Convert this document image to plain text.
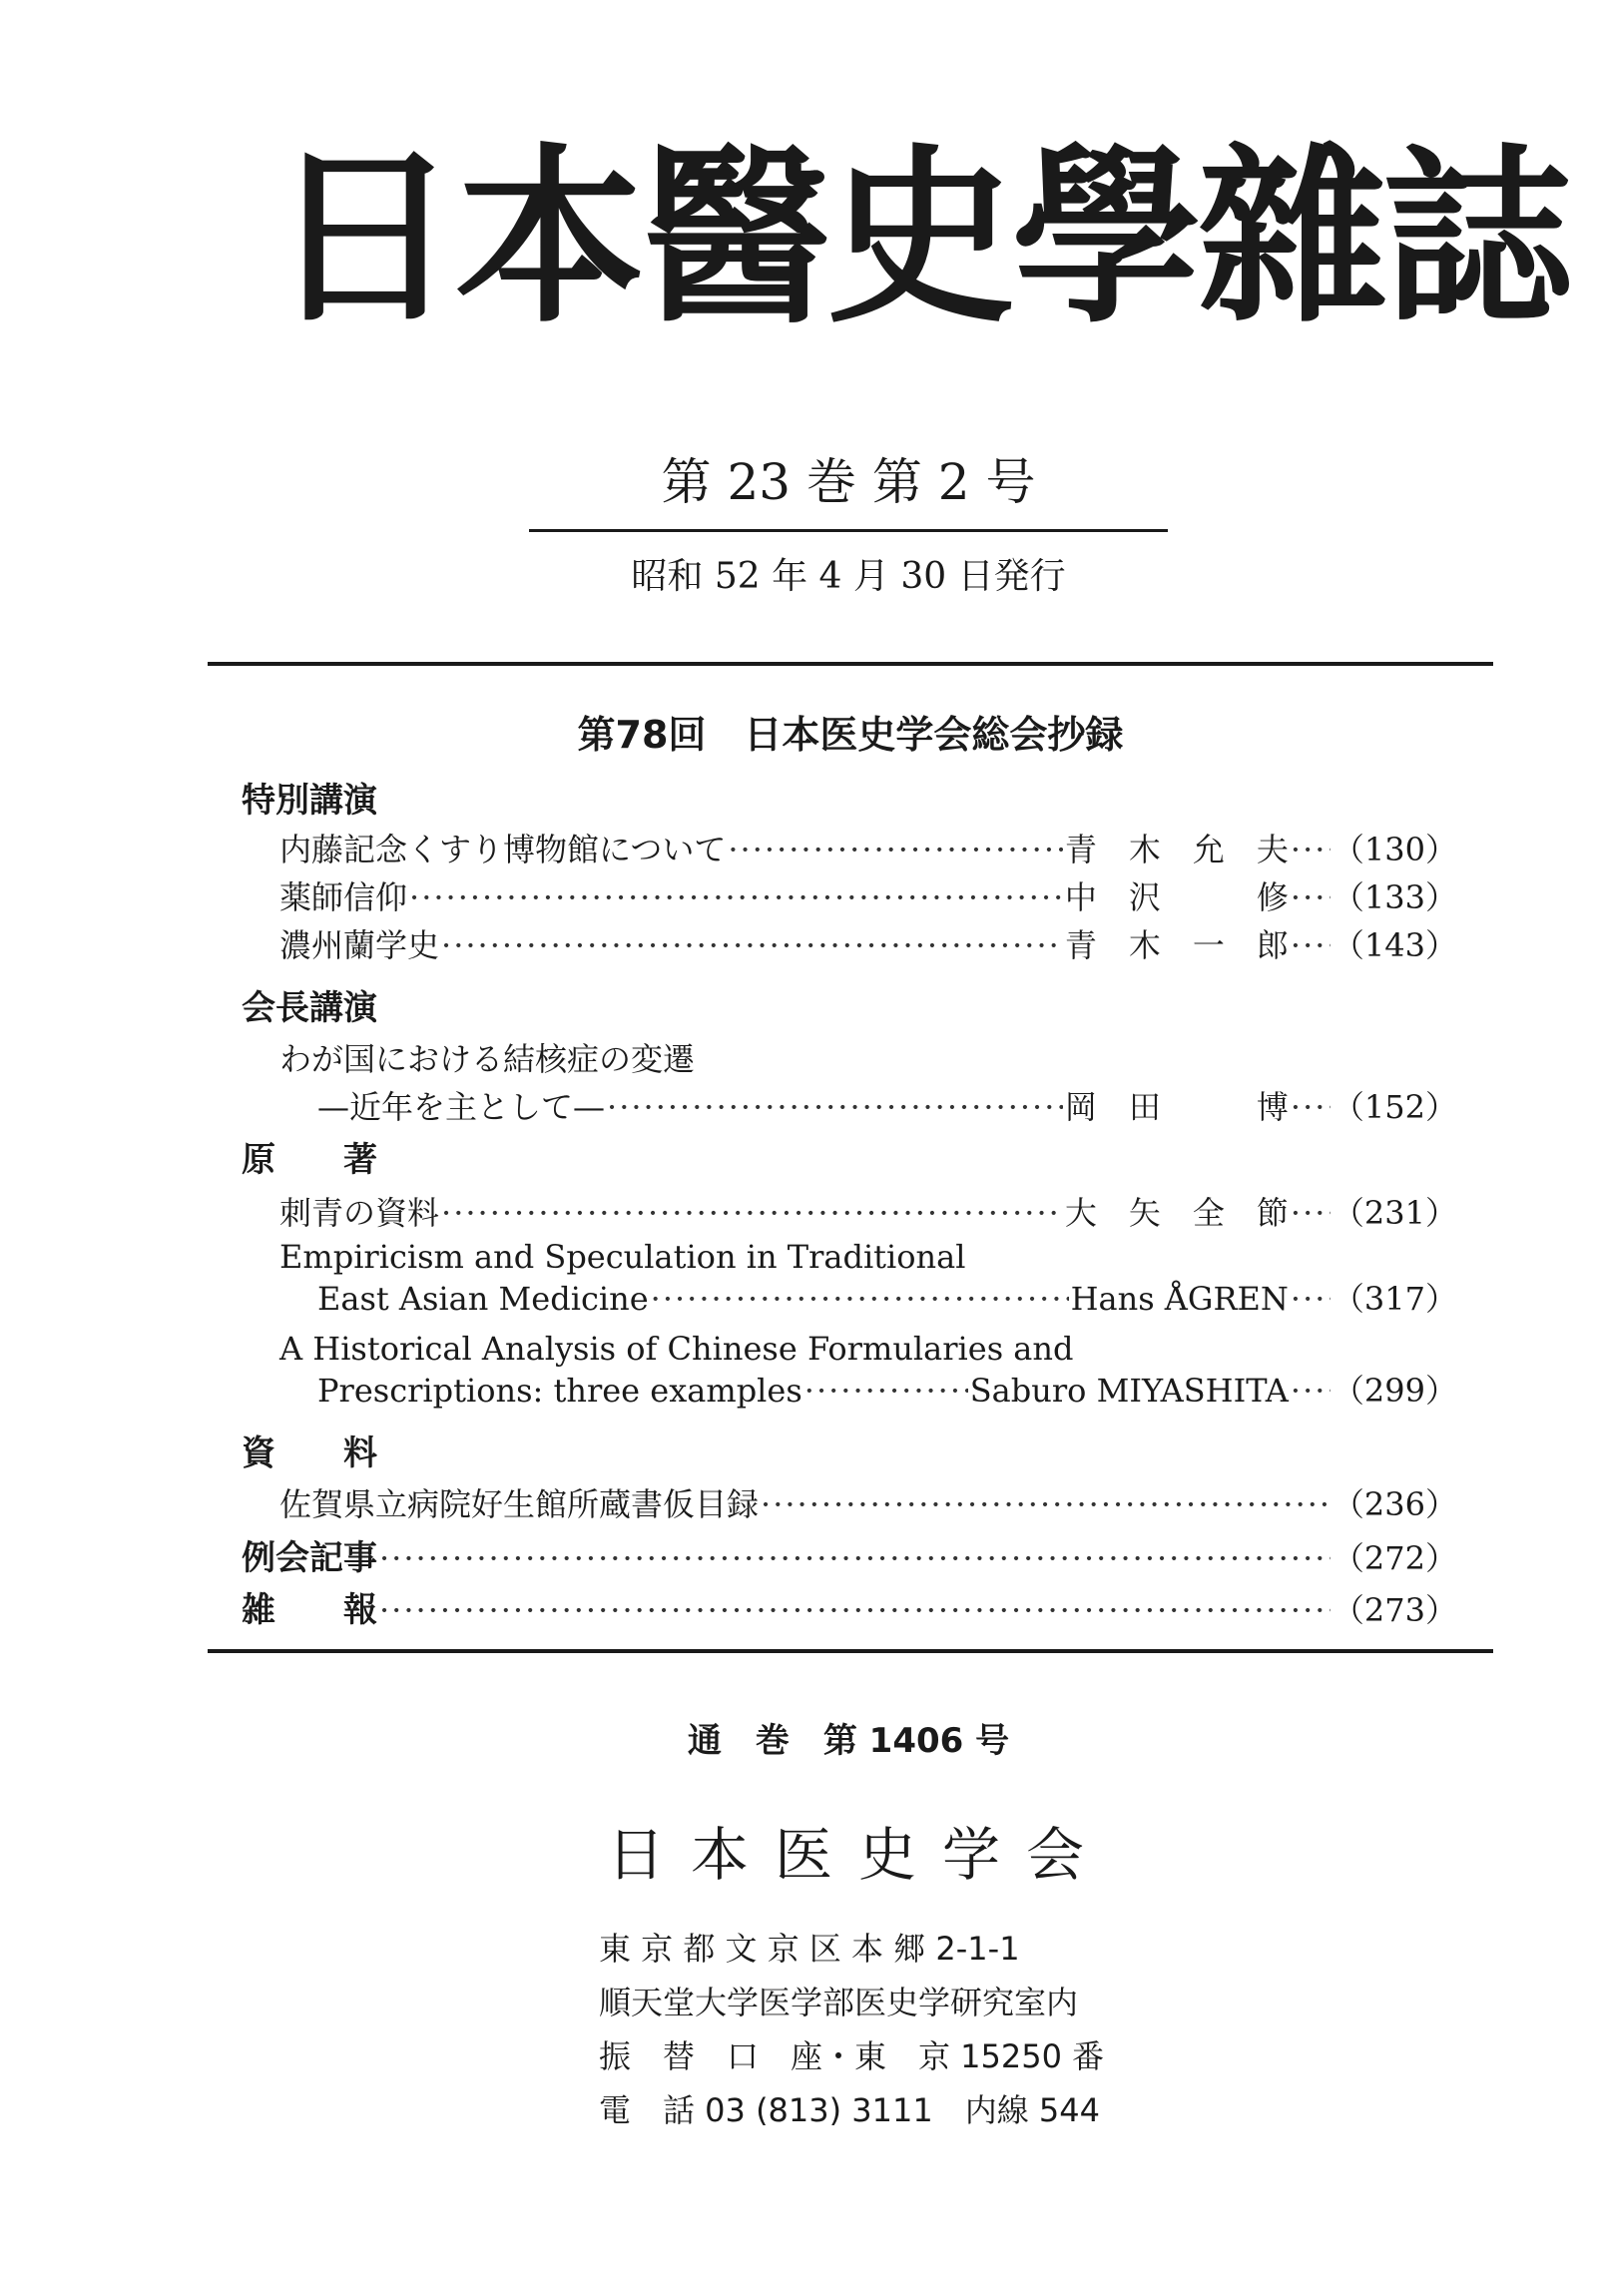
日本醫史學雜誌
第 23 巻 第 2 号
昭和 52 年 4 月 30 日発行
第78回　日本医史学会総会抄録
特別講演
内藤記念くすり博物館について ·····	青　木　允　夫 ····· （130）
薬師信仰 ·····	中　沢　　　修 ····· （133）
濃州蘭学史 ·····	青　木　一　郎 ····· （143）
会長講演
わが国における結核症の変遷
—近年を主として— ·····	岡　田　　　博 ····· （152）
原　　著
刺青の資料 ·····	大　矢　全　節 ····· （231）
Empiricism and Speculation in Traditional
East Asian Medicine ·····	Hans ÅGREN ····· （317）
A Historical Analysis of Chinese Formularies and
Prescriptions: three examples ·····	Saburo MIYASHITA ····· （299）
資　　料
佐賀県立病院好生館所蔵書仮目録 ·····	（236）
例会記事 ·····	（272）
雑　　報 ·····	（273）
通　巻　第 1406 号
日本医史学会
東 京 都 文 京 区 本 郷 2-1-1
順天堂大学医学部医史学研究室内
振　替　口　座・東　京 15250 番
電　話 03 (813) 3111　内線 544
